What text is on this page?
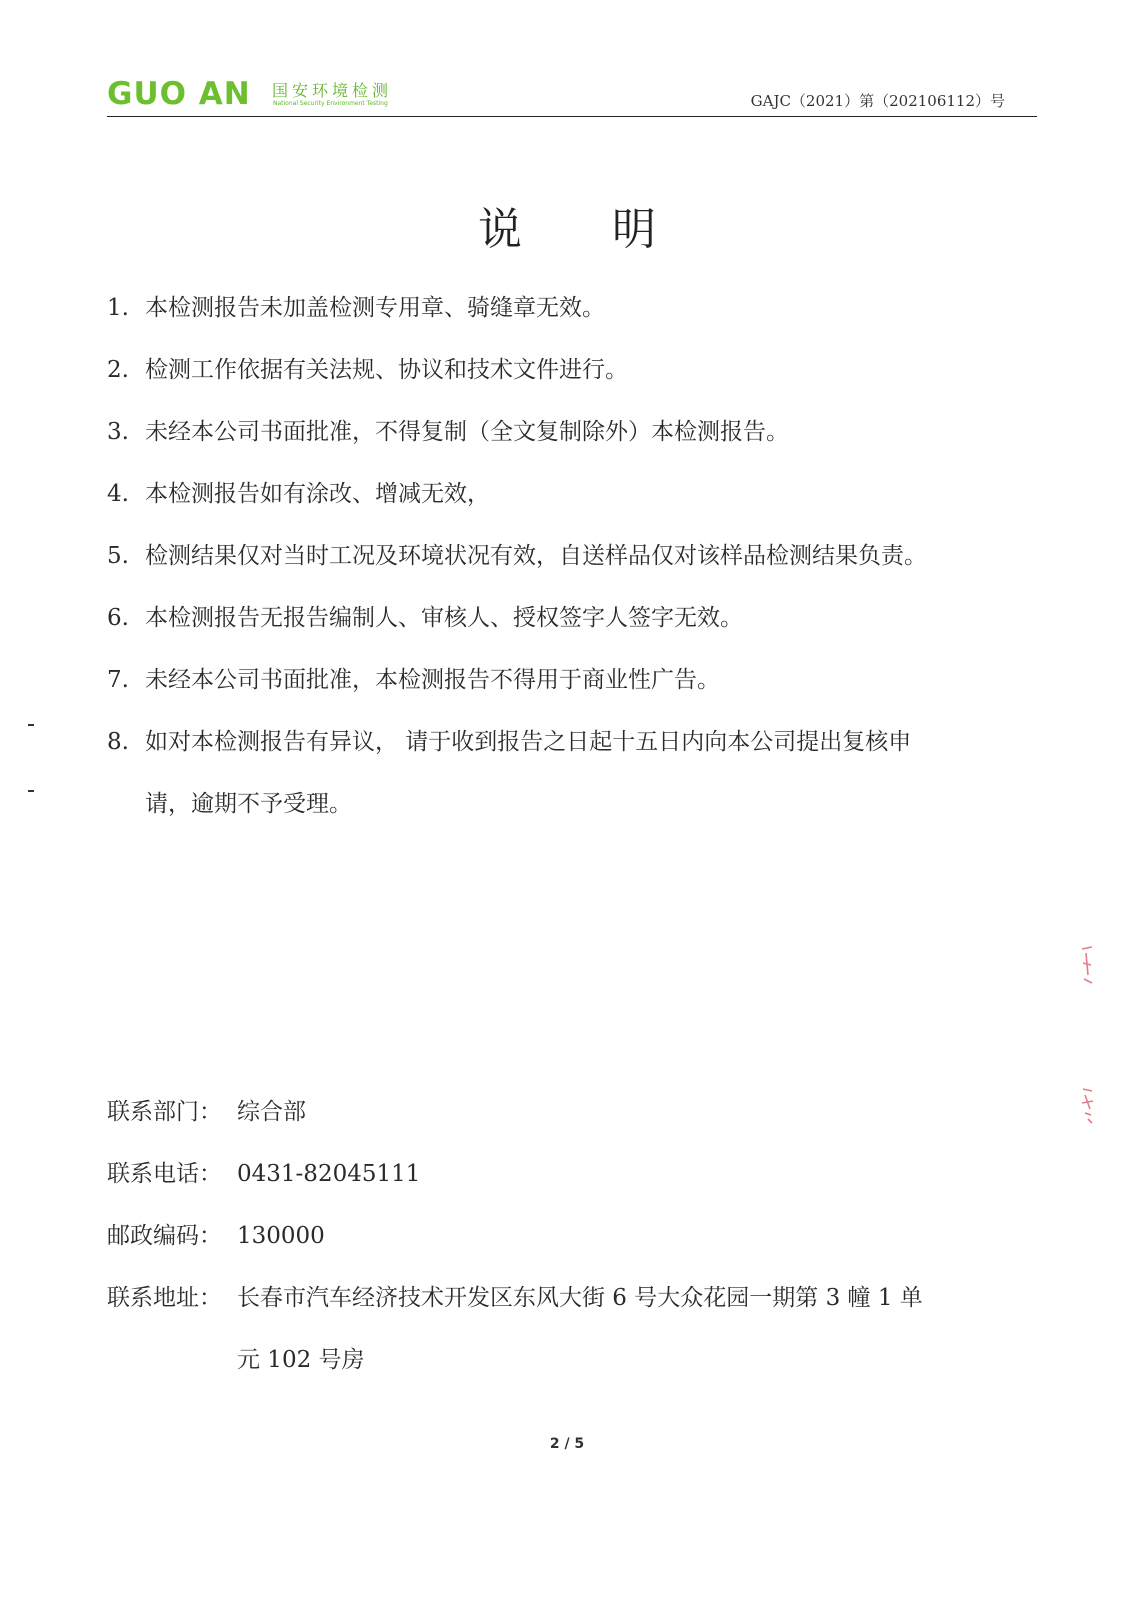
GUO AN 国安环境检测
National Security Environment Testing	GAJC（2021）第（202106112）号
说明
1. 本检测报告未加盖检测专用章、骑缝章无效。
2. 检测工作依据有关法规、协议和技术文件进行。
3. 未经本公司书面批准，不得复制（全文复制除外）本检测报告。
4. 本检测报告如有涂改、增减无效，
5. 检测结果仅对当时工况及环境状况有效，自送样品仅对该样品检测结果负责。
6. 本检测报告无报告编制人、审核人、授权签字人签字无效。
7. 未经本公司书面批准，本检测报告不得用于商业性广告。
8. 如对本检测报告有异议， 请于收到报告之日起十五日内向本公司提出复核申
请，逾期不予受理。
联系部门： 综合部
联系电话： 0431-82045111
邮政编码： 130000
联系地址： 长春市汽车经济技术开发区东风大街 6 号大众花园一期第 3 幢 1 单
元 102 号房
2 / 5
